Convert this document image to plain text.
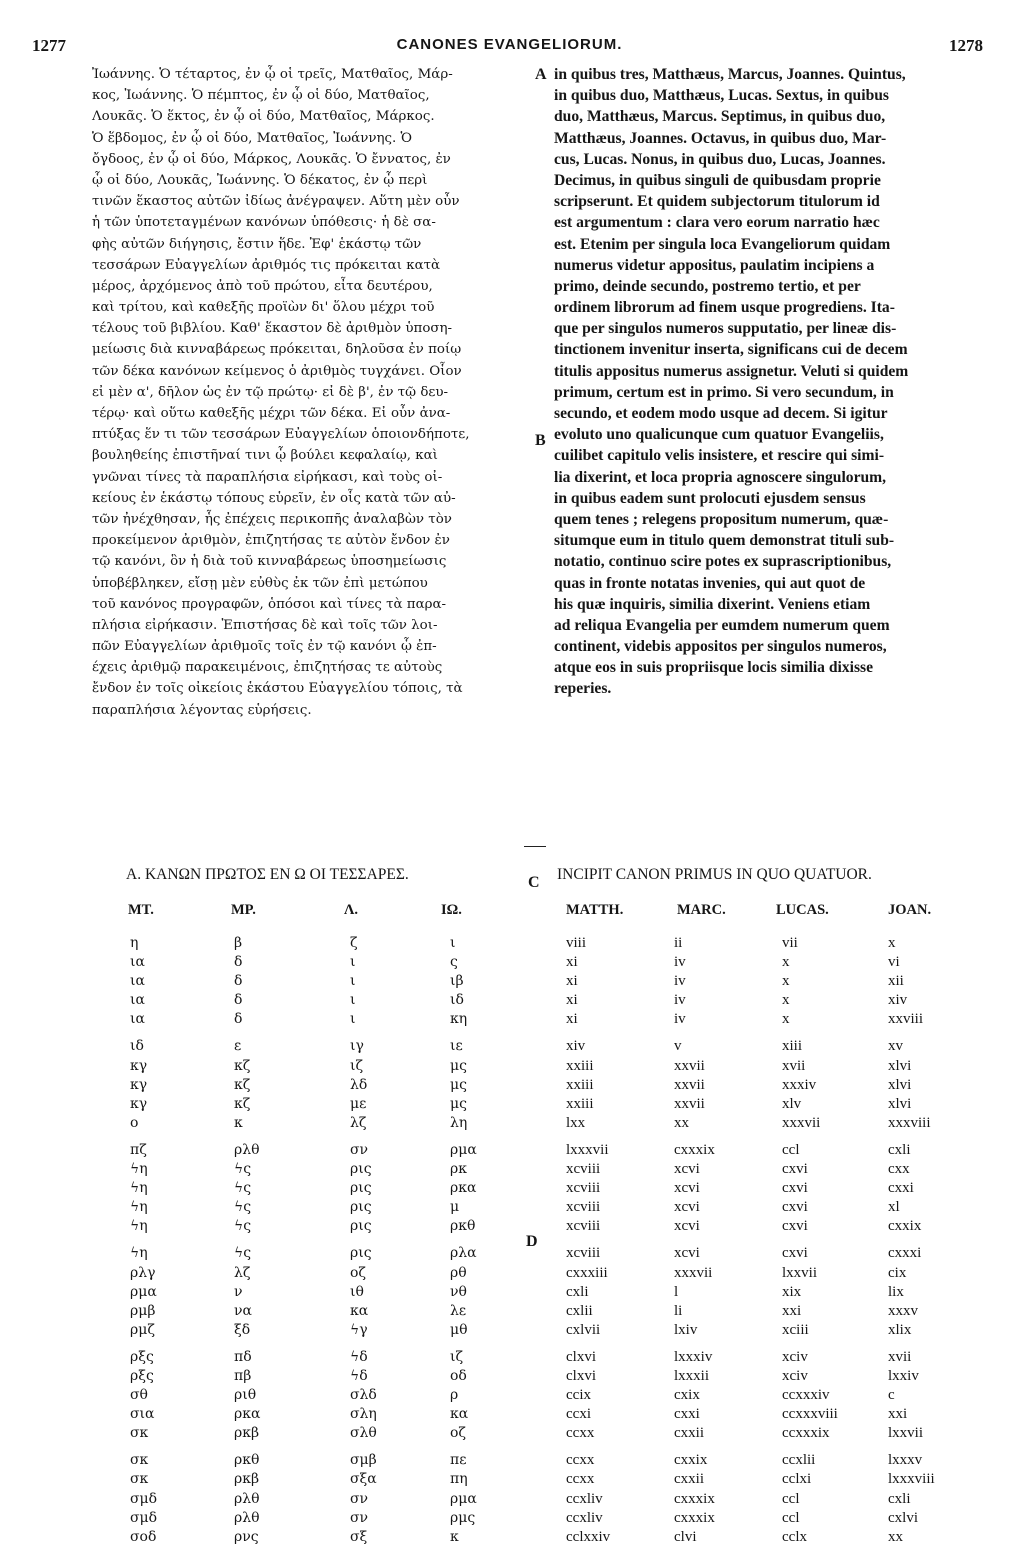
1277	CANONES EVANGELIORUM.	1278
Ἰωάννης. Ὁ τέταρτος, ἐν ᾧ οἱ τρεῖς, Ματθαῖος, Μάρ-
κος, Ἰωάννης. Ὁ πέμπτος, ἐν ᾧ οἱ δύο, Ματθαῖος,
Λουκᾶς. Ὁ ἕκτος, ἐν ᾧ οἱ δύο, Ματθαῖος, Μάρκος.
Ὁ ἕβδομος, ἐν ᾧ οἱ δύο, Ματθαῖος, Ἰωάννης. Ὁ
ὄγδοος, ἐν ᾧ οἱ δύο, Μάρκος, Λουκᾶς. Ὁ ἔννατος, ἐν
ᾧ οἱ δύο, Λουκᾶς, Ἰωάννης. Ὁ δέκατος, ἐν ᾧ περὶ
τινῶν ἕκαστος αὐτῶν ἰδίως ἀνέγραψεν. Αὕτη μὲν οὖν
ἡ τῶν ὑποτεταγμένων κανόνων ὑπόθεσις· ἡ δὲ σα-
φὴς αὐτῶν διήγησις, ἔστιν ἥδε. Ἐφ' ἑκάστῳ τῶν
τεσσάρων Εὐαγγελίων ἀριθμός τις πρόκειται κατὰ
μέρος, ἀρχόμενος ἀπὸ τοῦ πρώτου, εἶτα δευτέρου,
καὶ τρίτου, καὶ καθεξῆς προϊὼν δι' ὅλου μέχρι τοῦ
τέλους τοῦ βιβλίου. Καθ' ἕκαστον δὲ ἀριθμὸν ὑποση-
μείωσις διὰ κινναβάρεως πρόκειται, δηλοῦσα ἐν ποίῳ
τῶν δέκα κανόνων κείμενος ὁ ἀριθμὸς τυγχάνει. Οἷον
εἰ μὲν α', δῆλον ὡς ἐν τῷ πρώτῳ· εἰ δὲ β', ἐν τῷ δευ-
τέρῳ· καὶ οὕτω καθεξῆς μέχρι τῶν δέκα. Εἰ οὖν ἀνα-
πτύξας ἕν τι τῶν τεσσάρων Εὐαγγελίων ὁποιονδήποτε,
βουληθείης ἐπιστῆναί τινι ᾧ βούλει κεφαλαίῳ, καὶ
γνῶναι τίνες τὰ παραπλήσια εἰρήκασι, καὶ τοὺς οἰ-
κείους ἐν ἑκάστῳ τόπους εὑρεῖν, ἐν οἷς κατὰ τῶν αὐ-
τῶν ἠνέχθησαν, ἧς ἐπέχεις περικοπῆς ἀναλαβὼν τὸν
προκείμενον ἀριθμὸν, ἐπιζητήσας τε αὐτὸν ἔνδον ἐν
τῷ κανόνι, ὃν ἡ διὰ τοῦ κινναβάρεως ὑποσημείωσις
ὑποβέβληκεν, εἴσῃ μὲν εὐθὺς ἐκ τῶν ἐπὶ μετώπου
τοῦ κανόνος προγραφῶν, ὁπόσοι καὶ τίνες τὰ παρα-
πλήσια εἰρήκασιν. Ἐπιστήσας δὲ καὶ τοῖς τῶν λοι-
πῶν Εὐαγγελίων ἀριθμοῖς τοῖς ἐν τῷ κανόνι ᾧ ἐπ-
έχεις ἀριθμῷ παρακειμένοις, ἐπιζητήσας τε αὐτοὺς
ἔνδον ἐν τοῖς οἰκείοις ἑκάστου Εὐαγγελίου τόποις, τὰ
παραπλήσια λέγοντας εὑρήσεις.
in quibus tres, Matthæus, Marcus, Joannes. Quintus,
in quibus duo, Matthæus, Lucas. Sextus, in quibus
duo, Matthæus, Marcus. Septimus, in quibus duo,
Matthæus, Joannes. Octavus, in quibus duo, Mar-
cus, Lucas. Nonus, in quibus duo, Lucas, Joannes.
Decimus, in quibus singuli de quibusdam proprie
scripserunt. Et quidem subjectorum titulorum id
est argumentum : clara vero eorum narratio hæc
est. Etenim per singula loca Evangeliorum quidam
numerus videtur appositus, paulatim incipiens a
primo, deinde secundo, postremo tertio, et per
ordinem librorum ad finem usque progrediens. Ita-
que per singulos numeros supputatio, per lineæ dis-
tinctionem invenitur inserta, significans cui de decem
titulis appositus numerus assignetur. Veluti si quidem
primum, certum est in primo. Si vero secundum, in
secundo, et eodem modo usque ad decem. Si igitur
evoluto uno qualicunque cum quatuor Evangeliis,
cuilibet capitulo velis insistere, et rescire qui simi-
lia dixerint, et loca propria agnoscere singulorum,
in quibus eadem sunt prolocuti ejusdem sensus
quem tenes ; relegens propositum numerum, quæ-
situmque eum in titulo quem demonstrat tituli sub-
notatio, continuo scire potes ex suprascriptionibus,
quas in fronte notatas invenies, qui aut quot de
his quæ inquiris, similia dixerint. Veniens etiam
ad reliqua Evangelia per eumdem numerum quem
continent, videbis appositos per singulos numeros,
atque eos in suis propriisque locis similia dixisse
reperies.
A
B
C
D
Α. ΚΑΝΩΝ ΠΡΩΤΟΣ ΕΝ Ω ΟΙ ΤΕΣΣΑΡΕΣ.	INCIPIT CANON PRIMUS IN QUO QUATUOR.
ΜΤ.	ΜΡ.	Λ.	ΙΩ.	MATTH.	MARC.	LUCAS.	JOAN.
η	β	ζ	ι	viii	ii	vii	x
ια	δ	ι	ς	xi	iv	x	vi
ια	δ	ι	ιβ	xi	iv	x	xii
ια	δ	ι	ιδ	xi	iv	x	xiv
ια	δ	ι	κη	xi	iv	x	xxviii
ιδ	ε	ιγ	ιε	xiv	v	xiii	xv
κγ	κζ	ιζ	μς	xxiii	xxvii	xvii	xlvi
κγ	κζ	λδ	μς	xxiii	xxvii	xxxiv	xlvi
κγ	κζ	με	μς	xxiii	xxvii	xlv	xlvi
ο	κ	λζ	λη	lxx	xx	xxxvii	xxxviii
πζ	ρλθ	σν	ρμα	lxxxvii	cxxxix	ccl	cxli
ϟη	ϟς	ρις	ρκ	xcviii	xcvi	cxvi	cxx
ϟη	ϟς	ρις	ρκα	xcviii	xcvi	cxvi	cxxi
ϟη	ϟς	ρις	μ	xcviii	xcvi	cxvi	xl
ϟη	ϟς	ρις	ρκθ	xcviii	xcvi	cxvi	cxxix
ϟη	ϟς	ρις	ρλα	xcviii	xcvi	cxvi	cxxxi
ρλγ	λζ	οζ	ρθ	cxxxiii	xxxvii	lxxvii	cix
ρμα	ν	ιθ	νθ	cxli	l	xix	lix
ρμβ	να	κα	λε	cxlii	li	xxi	xxxv
ρμζ	ξδ	ϟγ	μθ	cxlvii	lxiv	xciii	xlix
ρξς	πδ	ϟδ	ιζ	clxvi	lxxxiv	xciv	xvii
ρξς	πβ	ϟδ	οδ	clxvi	lxxxii	xciv	lxxiv
σθ	ριθ	σλδ	ρ	ccix	cxix	ccxxxiv	c
σια	ρκα	σλη	κα	ccxi	cxxi	ccxxxviii	xxi
σκ	ρκβ	σλθ	οζ	ccxx	cxxii	ccxxxix	lxxvii
σκ	ρκθ	σμβ	πε	ccxx	cxxix	ccxlii	lxxxv
σκ	ρκβ	σξα	πη	ccxx	cxxii	cclxi	lxxxviii
σμδ	ρλθ	σν	ρμα	ccxliv	cxxxix	ccl	cxli
σμδ	ρλθ	σν	ρμς	ccxliv	cxxxix	ccl	cxlvi
σοδ	ρνς	σξ	κ	cclxxiv	clvi	cclx	xx
